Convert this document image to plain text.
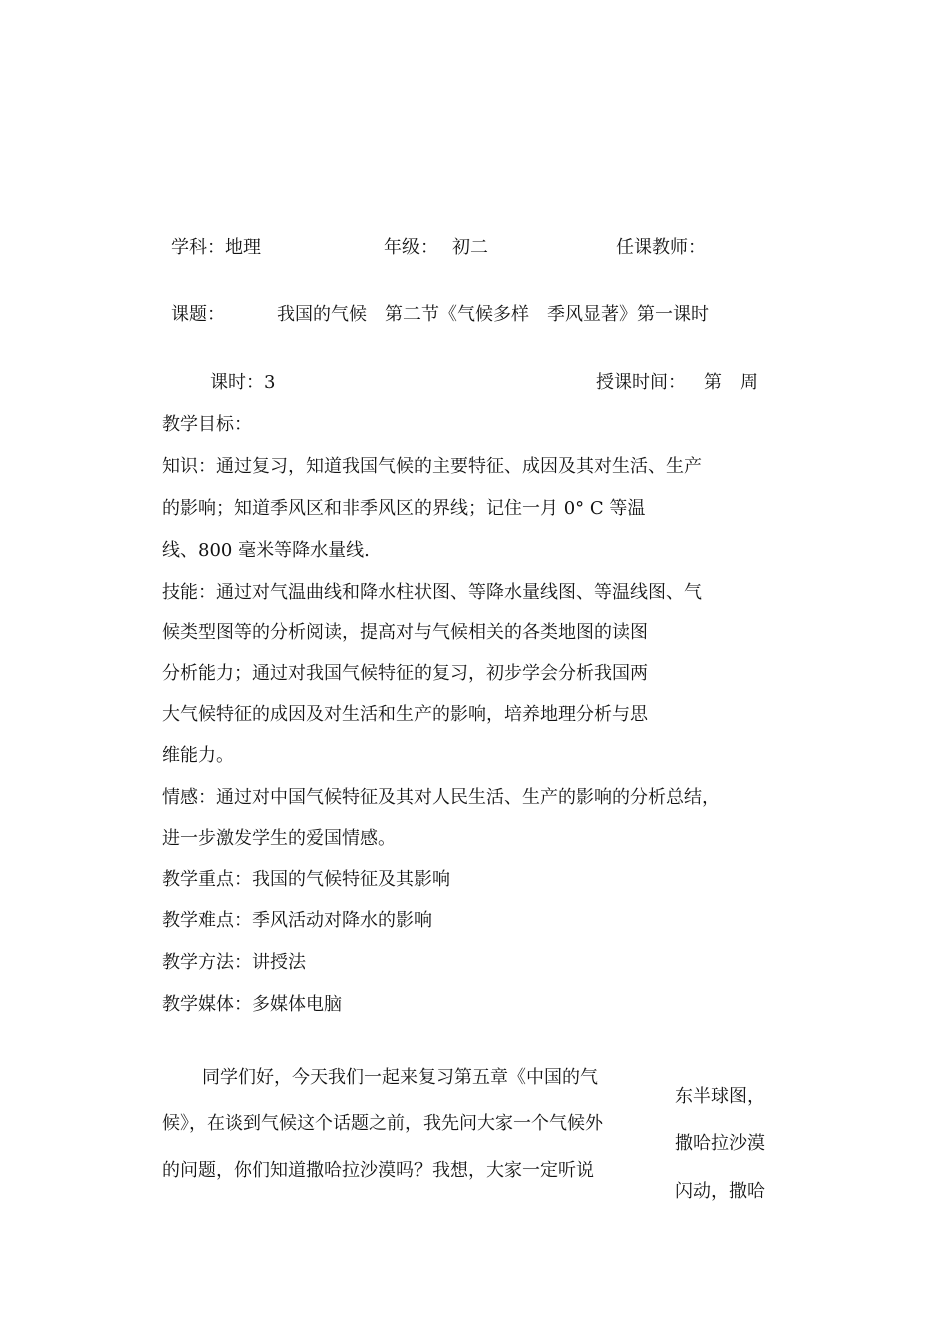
学科：地理	年级： 初二	任课教师：
课题：	我国的气候　第二节《气候多样　季风显著》第一课时
课时：3	授课时间： 第　周
教学目标：
知识：通过复习，知道我国气候的主要特征、成因及其对生活、生产
的影响；知道季风区和非季风区的界线；记住一月 0° C 等温
线、800 毫米等降水量线.
技能：通过对气温曲线和降水柱状图、等降水量线图、等温线图、气
候类型图等的分析阅读，提高对与气候相关的各类地图的读图
分析能力；通过对我国气候特征的复习，初步学会分析我国两
大气候特征的成因及对生活和生产的影响，培养地理分析与思
维能力。
情感：通过对中国气候特征及其对人民生活、生产的影响的分析总结，
进一步激发学生的爱国情感。
教学重点：我国的气候特征及其影响
教学难点：季风活动对降水的影响
教学方法：讲授法
教学媒体：多媒体电脑
同学们好，今天我们一起来复习第五章《中国的气
候》，在谈到气候这个话题之前，我先问大家一个气候外
的问题，你们知道撒哈拉沙漠吗？我想，大家一定听说
东半球图，
撒哈拉沙漠
闪动，撒哈
